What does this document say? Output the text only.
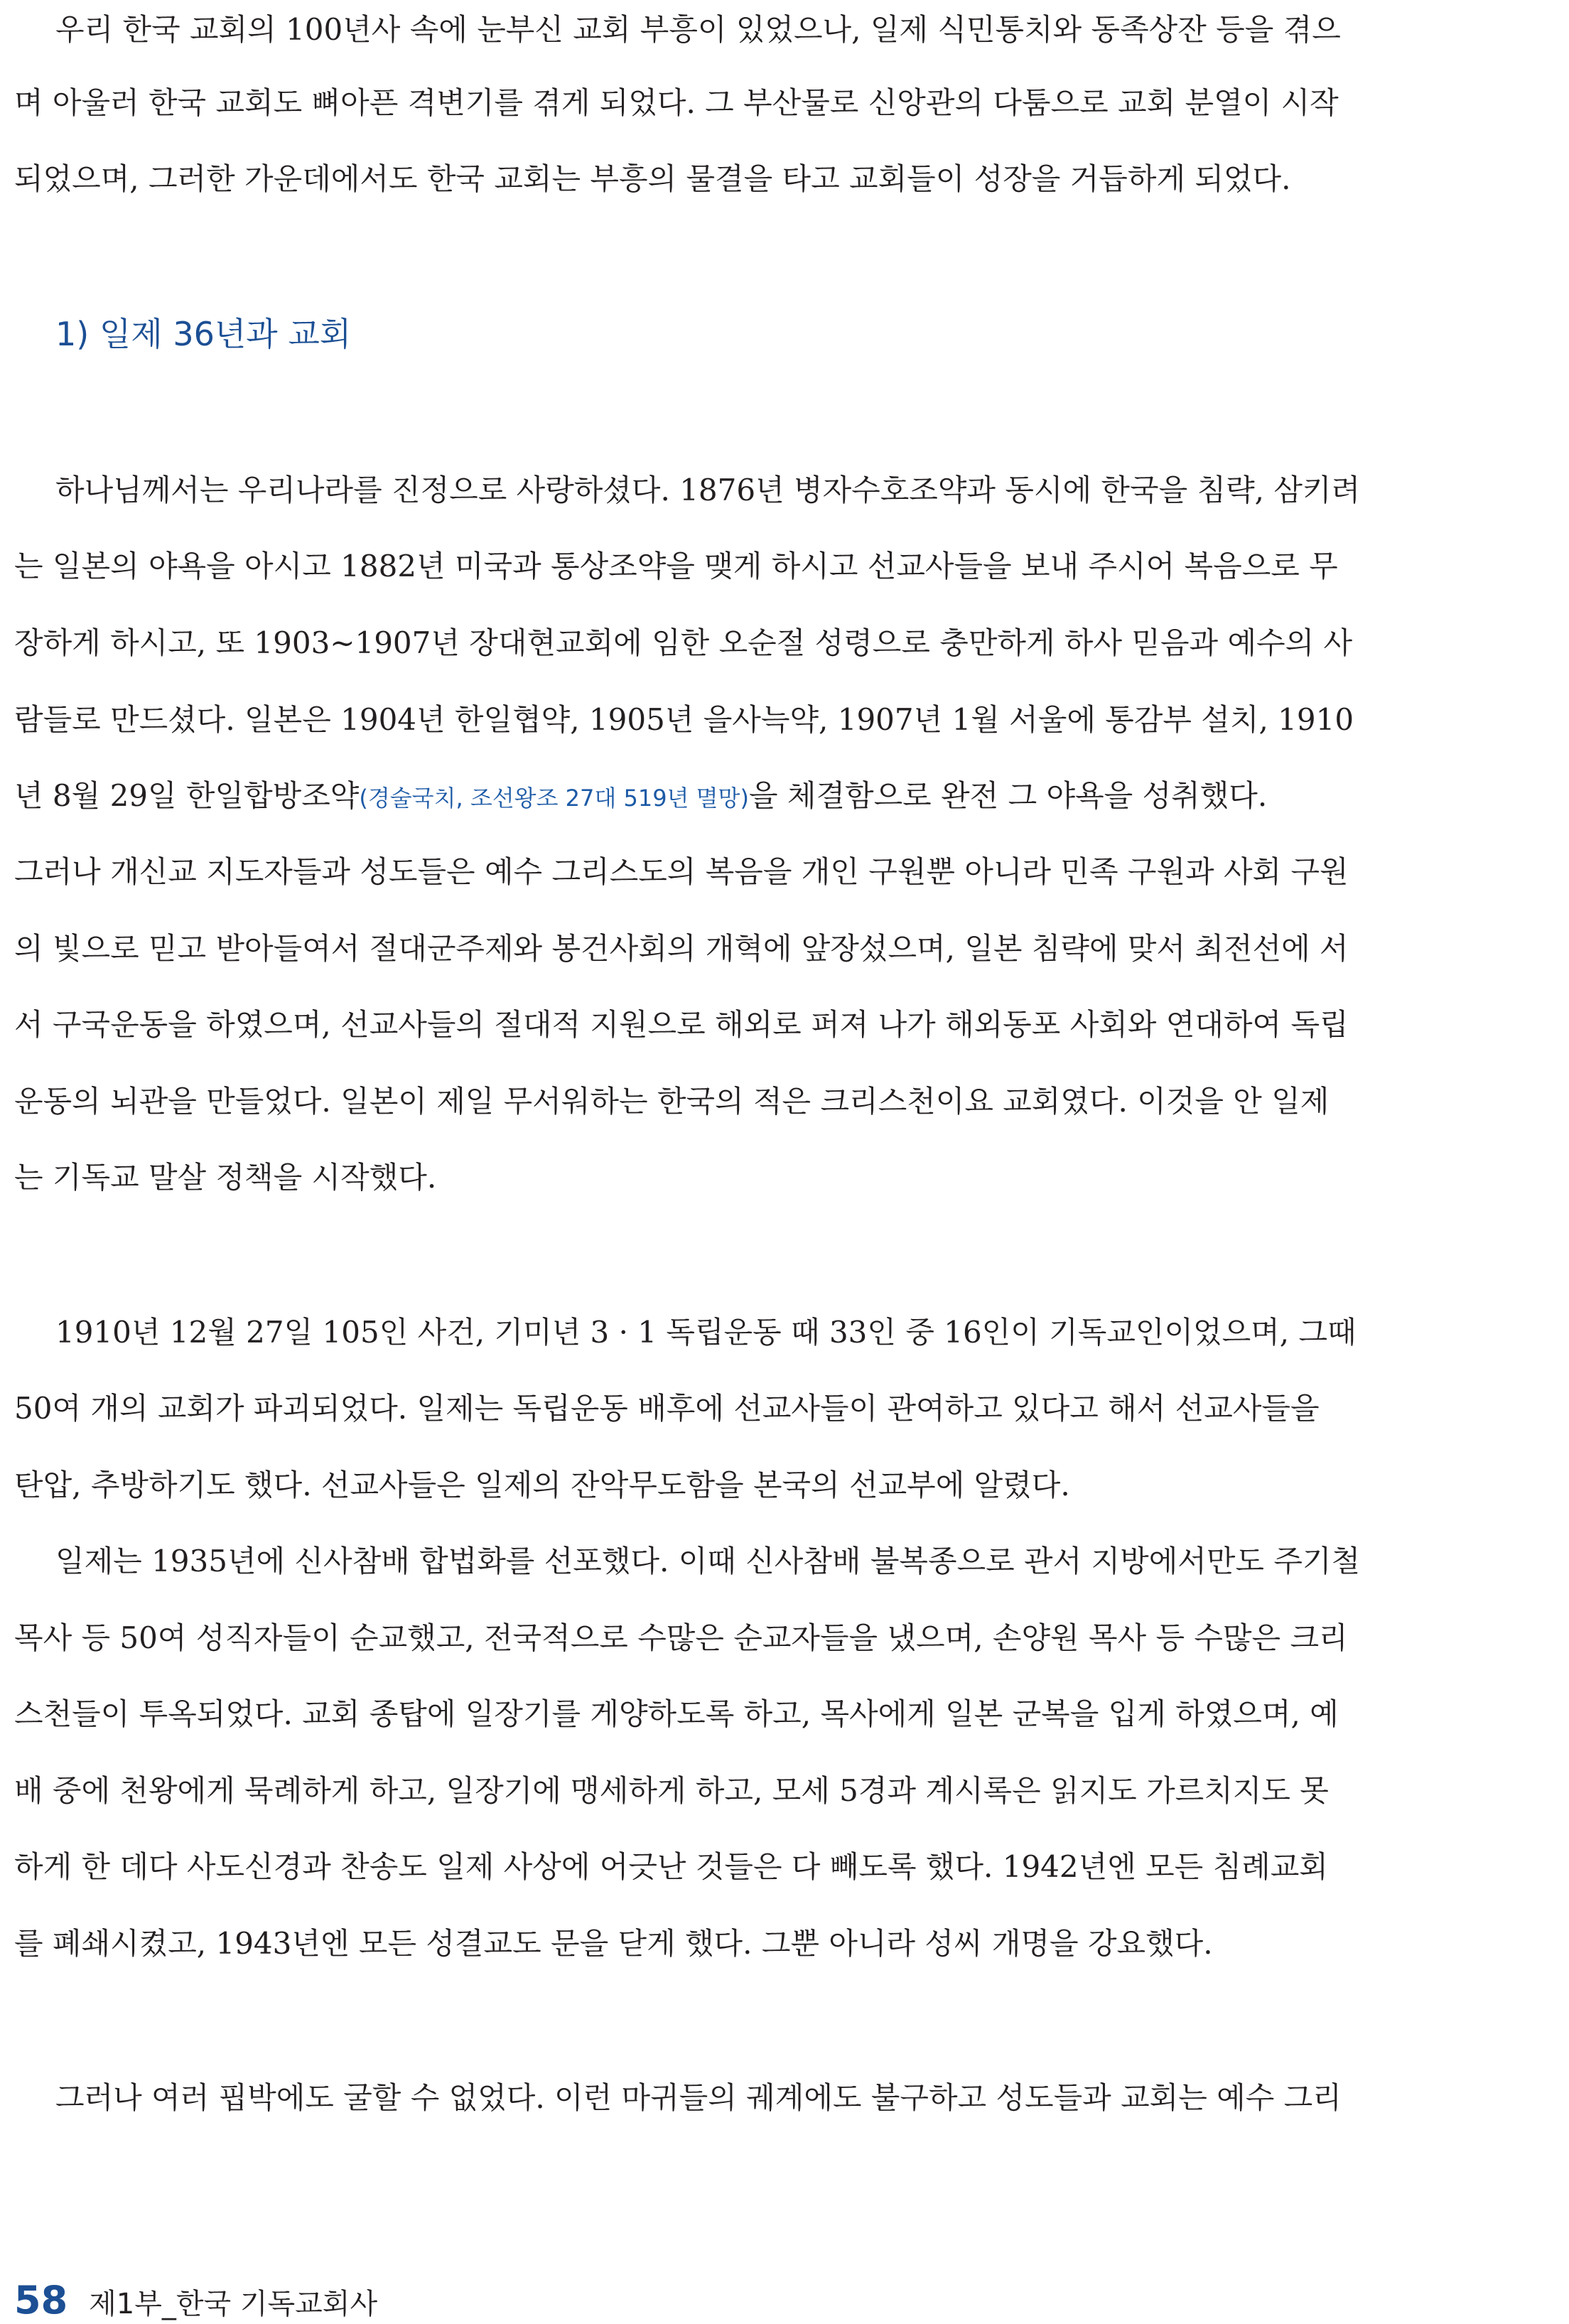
우리 한국 교회의 100년사 속에 눈부신 교회 부흥이 있었으나, 일제 식민통치와 동족상잔 등을 겪으
며 아울러 한국 교회도 뼈아픈 격변기를 겪게 되었다. 그 부산물로 신앙관의 다툼으로 교회 분열이 시작
되었으며, 그러한 가운데에서도 한국 교회는 부흥의 물결을 타고 교회들이 성장을 거듭하게 되었다.
1) 일제 36년과 교회
하나님께서는 우리나라를 진정으로 사랑하셨다. 1876년 병자수호조약과 동시에 한국을 침략, 삼키려
는 일본의 야욕을 아시고 1882년 미국과 통상조약을 맺게 하시고 선교사들을 보내 주시어 복음으로 무
장하게 하시고, 또 1903~1907년 장대현교회에 임한 오순절 성령으로 충만하게 하사 믿음과 예수의 사
람들로 만드셨다. 일본은 1904년 한일협약, 1905년 을사늑약, 1907년 1월 서울에 통감부 설치, 1910
년 8월 29일 한일합방조약(경술국치, 조선왕조 27대 519년 멸망)을 체결함으로 완전 그 야욕을 성취했다.
그러나 개신교 지도자들과 성도들은 예수 그리스도의 복음을 개인 구원뿐 아니라 민족 구원과 사회 구원
의 빛으로 믿고 받아들여서 절대군주제와 봉건사회의 개혁에 앞장섰으며, 일본 침략에 맞서 최전선에 서
서 구국운동을 하였으며, 선교사들의 절대적 지원으로 해외로 퍼져 나가 해외동포 사회와 연대하여 독립
운동의 뇌관을 만들었다. 일본이 제일 무서워하는 한국의 적은 크리스천이요 교회였다. 이것을 안 일제
는 기독교 말살 정책을 시작했다.
1910년 12월 27일 105인 사건, 기미년 3 · 1 독립운동 때 33인 중 16인이 기독교인이었으며, 그때
50여 개의 교회가 파괴되었다. 일제는 독립운동 배후에 선교사들이 관여하고 있다고 해서 선교사들을
탄압, 추방하기도 했다. 선교사들은 일제의 잔악무도함을 본국의 선교부에 알렸다.
일제는 1935년에 신사참배 합법화를 선포했다. 이때 신사참배 불복종으로 관서 지방에서만도 주기철
목사 등 50여 성직자들이 순교했고, 전국적으로 수많은 순교자들을 냈으며, 손양원 목사 등 수많은 크리
스천들이 투옥되었다. 교회 종탑에 일장기를 게양하도록 하고, 목사에게 일본 군복을 입게 하였으며, 예
배 중에 천왕에게 묵례하게 하고, 일장기에 맹세하게 하고, 모세 5경과 계시록은 읽지도 가르치지도 못
하게 한 데다 사도신경과 찬송도 일제 사상에 어긋난 것들은 다 빼도록 했다. 1942년엔 모든 침례교회
를 폐쇄시켰고, 1943년엔 모든 성결교도 문을 닫게 했다. 그뿐 아니라 성씨 개명을 강요했다.
그러나 여러 핍박에도 굴할 수 없었다. 이런 마귀들의 궤계에도 불구하고 성도들과 교회는 예수 그리
58 제1부_한국 기독교회사
